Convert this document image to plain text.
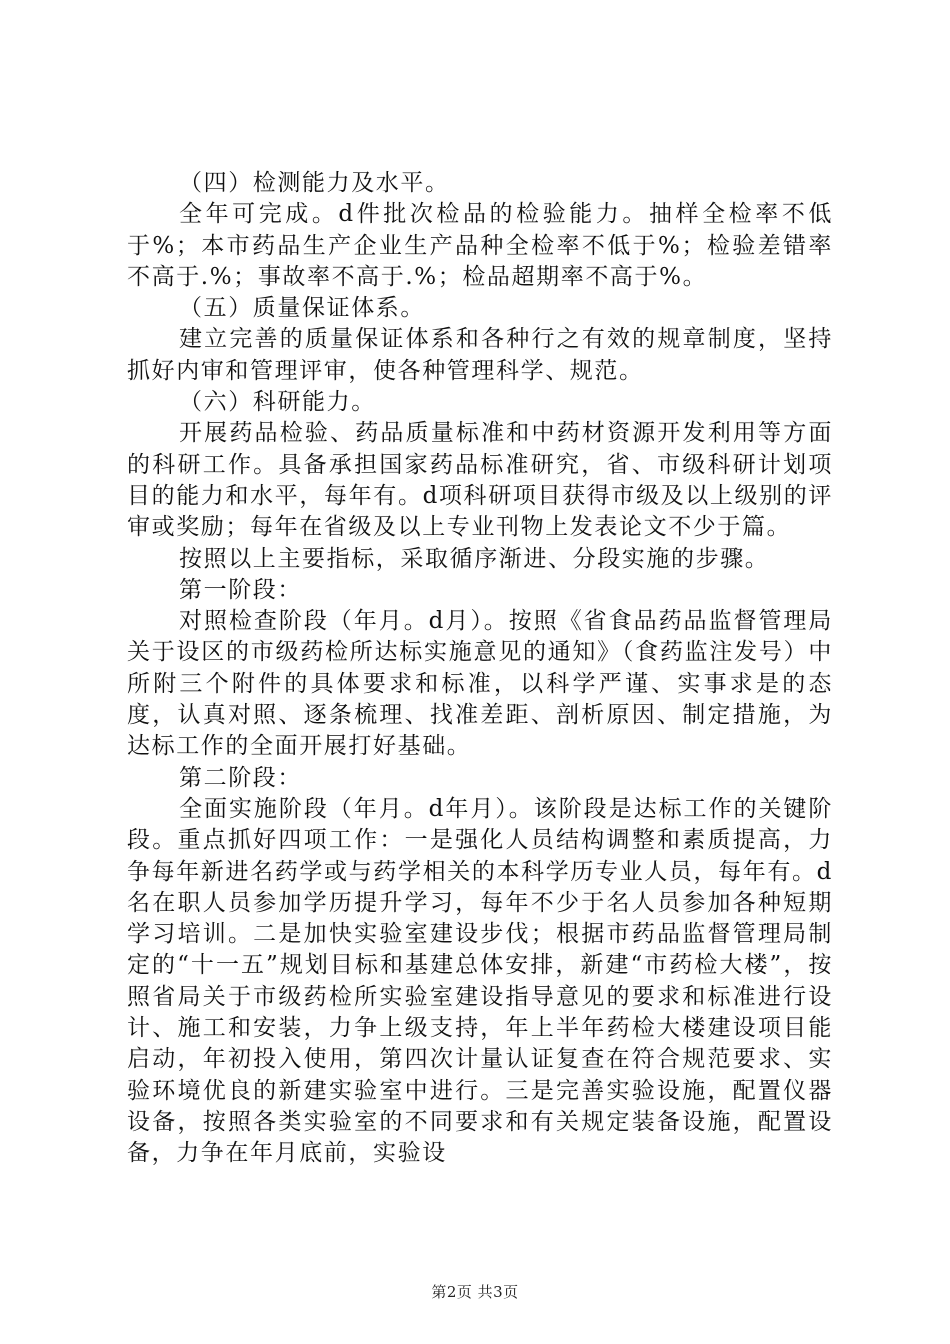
（四）检测能力及水平。

全年可完成。d件批次检品的检验能力。抽样全检率不低于%；本市药品生产企业生产品种全检率不低于%；检验差错率不高于.%；事故率不高于.%；检品超期率不高于%。

（五）质量保证体系。

建立完善的质量保证体系和各种行之有效的规章制度，坚持抓好内审和管理评审，使各种管理科学、规范。

（六）科研能力。

开展药品检验、药品质量标准和中药材资源开发利用等方面的科研工作。具备承担国家药品标准研究，省、市级科研计划项目的能力和水平，每年有。d项科研项目获得市级及以上级别的评审或奖励；每年在省级及以上专业刊物上发表论文不少于篇。

按照以上主要指标，采取循序渐进、分段实施的步骤。

第一阶段：

对照检查阶段（年月。d月）。按照《省食品药品监督管理局关于设区的市级药检所达标实施意见的通知》（食药监注发号）中所附三个附件的具体要求和标准，以科学严谨、实事求是的态度，认真对照、逐条梳理、找准差距、剖析原因、制定措施，为达标工作的全面开展打好基础。

第二阶段：

全面实施阶段（年月。d年月）。该阶段是达标工作的关键阶段。重点抓好四项工作：一是强化人员结构调整和素质提高，力争每年新进名药学或与药学相关的本科学历专业人员，每年有。d名在职人员参加学历提升学习，每年不少于名人员参加各种短期学习培训。二是加快实验室建设步伐；根据市药品监督管理局制定的“十一五”规划目标和基建总体安排，新建“市药检大楼”，按照省局关于市级药检所实验室建设指导意见的要求和标准进行设计、施工和安装，力争上级支持，年上半年药检大楼建设项目能启动，年初投入使用，第四次计量认证复查在符合规范要求、实验环境优良的新建实验室中进行。三是完善实验设施，配置仪器设备，按照各类实验室的不同要求和有关规定装备设施，配置设备，力争在年月底前，实验设

第2页 共3页
